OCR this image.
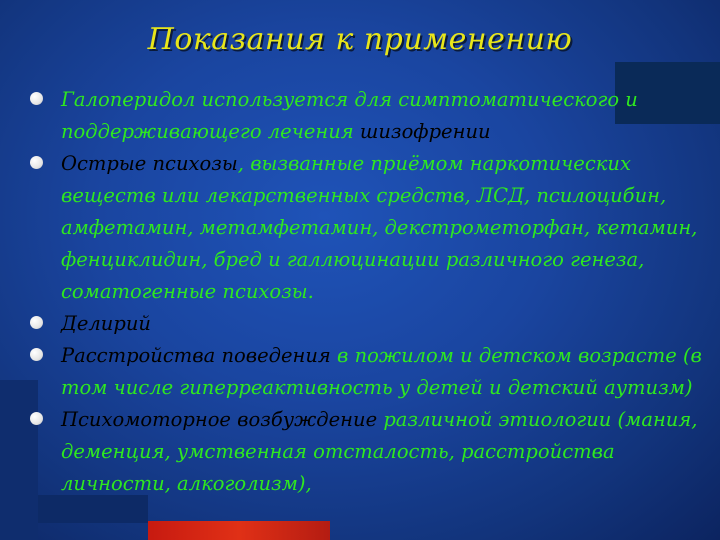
Показания к применению
Галоперидол используется для симптоматического и поддерживающего лечения шизофрении
Острые психозы, вызванные приёмом наркотических веществ или лекарственных средств, ЛСД, псилоцибин, амфетамин, метамфетамин, декстрометорфан, кетамин, фенциклидин, бред и галлюцинации различного генеза, соматогенные психозы.
Делирий
Расстройства поведения в пожилом и детском возрасте (в том числе гиперреактивность у детей и детский аутизм)
Психомоторное возбуждение различной этиологии (мания, деменция, умственная отсталость, расстройства личности, алкоголизм),
